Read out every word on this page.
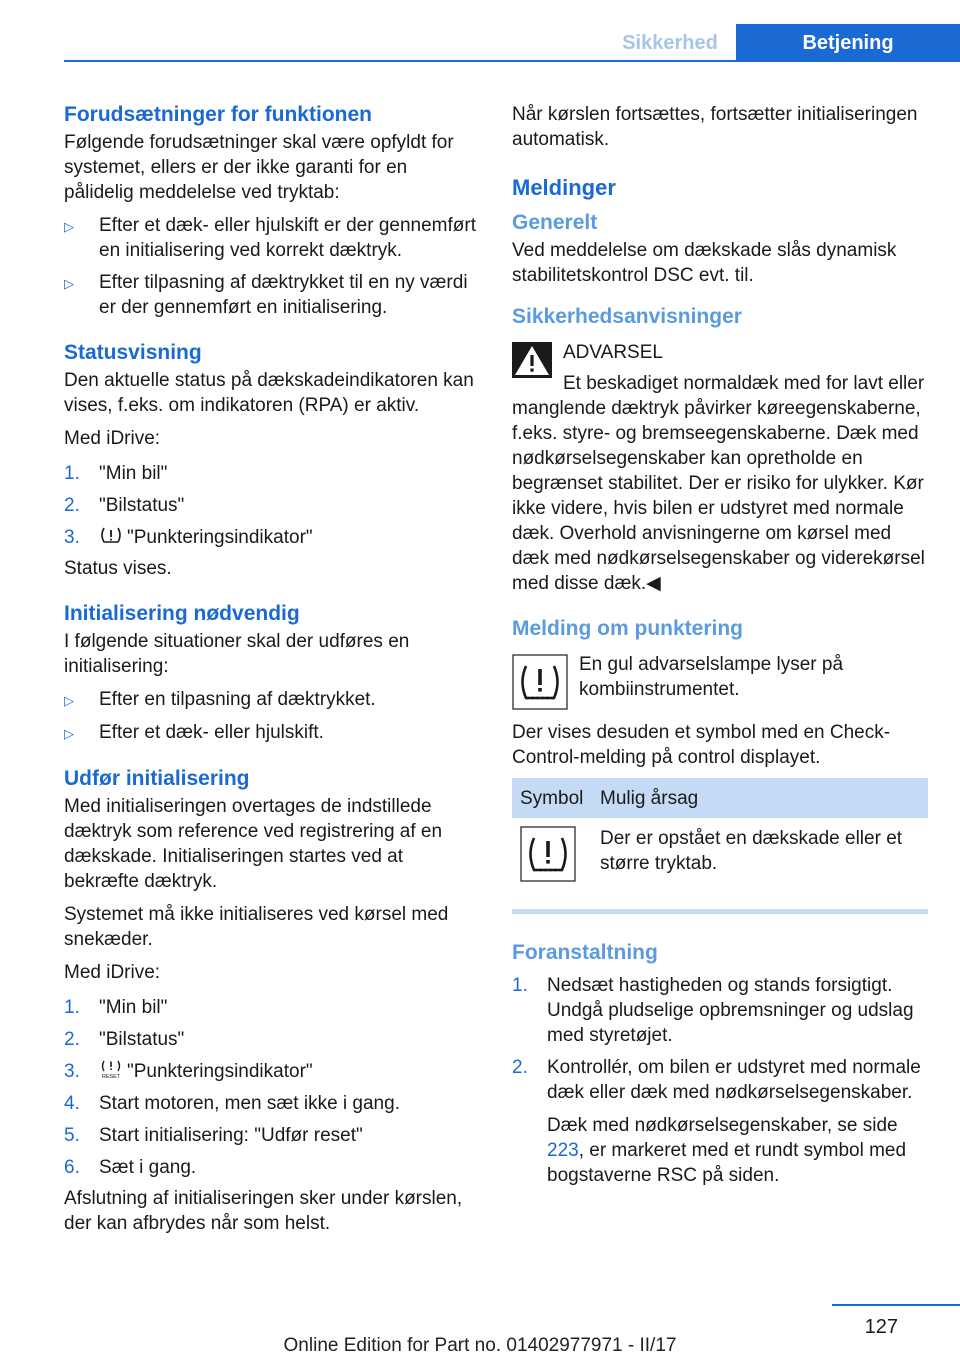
Sikkerhed	Betjening
Forudsætninger for funktionen
Følgende forudsætninger skal være opfyldt for systemet, ellers er der ikke garanti for en pålidelig meddelelse ved tryktab:
▷	Efter et dæk- eller hjulskift er der gennemført en initialisering ved korrekt dæktryk.
▷	Efter tilpasning af dæktrykket til en ny værdi er der gennemført en initialisering.
Statusvisning
Den aktuelle status på dækskadeindikatoren kan vises, f.eks. om indikatoren (RPA) er aktiv.
Med iDrive:
1.	"Min bil"
2.	"Bilstatus"
3.	"Punkteringsindikator"
Status vises.
Initialisering nødvendig
I følgende situationer skal der udføres en initialisering:
▷	Efter en tilpasning af dæktrykket.
▷	Efter et dæk- eller hjulskift.
Udfør initialisering
Med initialiseringen overtages de indstillede dæktryk som reference ved registrering af en dækskade. Initialiseringen startes ved at bekræfte dæktryk.
Systemet må ikke initialiseres ved kørsel med snekæder.
Med iDrive:
1.	"Min bil"
2.	"Bilstatus"
3.	RESET "Punkteringsindikator"
4.	Start motoren, men sæt ikke i gang.
5.	Start initialisering: "Udfør reset"
6.	Sæt i gang.
Afslutning af initialiseringen sker under kørslen, der kan afbrydes når som helst.
Når kørslen fortsættes, fortsætter initialiseringen automatisk.
Meldinger
Generelt
Ved meddelelse om dækskade slås dynamisk stabilitetskontrol DSC evt. til.
Sikkerhedsanvisninger
ADVARSEL
Et beskadiget normaldæk med for lavt eller manglende dæktryk påvirker køreegenskaberne, f.eks. styre- og bremseegenskaberne. Dæk med nødkørselsegenskaber kan opretholde en begrænset stabilitet. Der er risiko for ulykker. Kør ikke videre, hvis bilen er udstyret med normale dæk. Overhold anvisningerne om kørsel med dæk med nødkørselsegenskaber og viderekørsel med disse dæk.◀
Melding om punktering
En gul advarselslampe lyser på kombiinstrumentet.
Der vises desuden et symbol med en Check-Control-melding på control displayet.
Symbol	Mulig årsag
	Der er opstået en dækskade eller et større tryktab.
Foranstaltning
1.	Nedsæt hastigheden og stands forsigtigt. Undgå pludselige opbremsninger og udslag med styretøjet.
2.	Kontrollér, om bilen er udstyret med normale dæk eller dæk med nødkørselsegenskaber.
Dæk med nødkørselsegenskaber, se side 223, er markeret med et rundt symbol med bogstaverne RSC på siden.
127
Online Edition for Part no. 01402977971 - II/17
